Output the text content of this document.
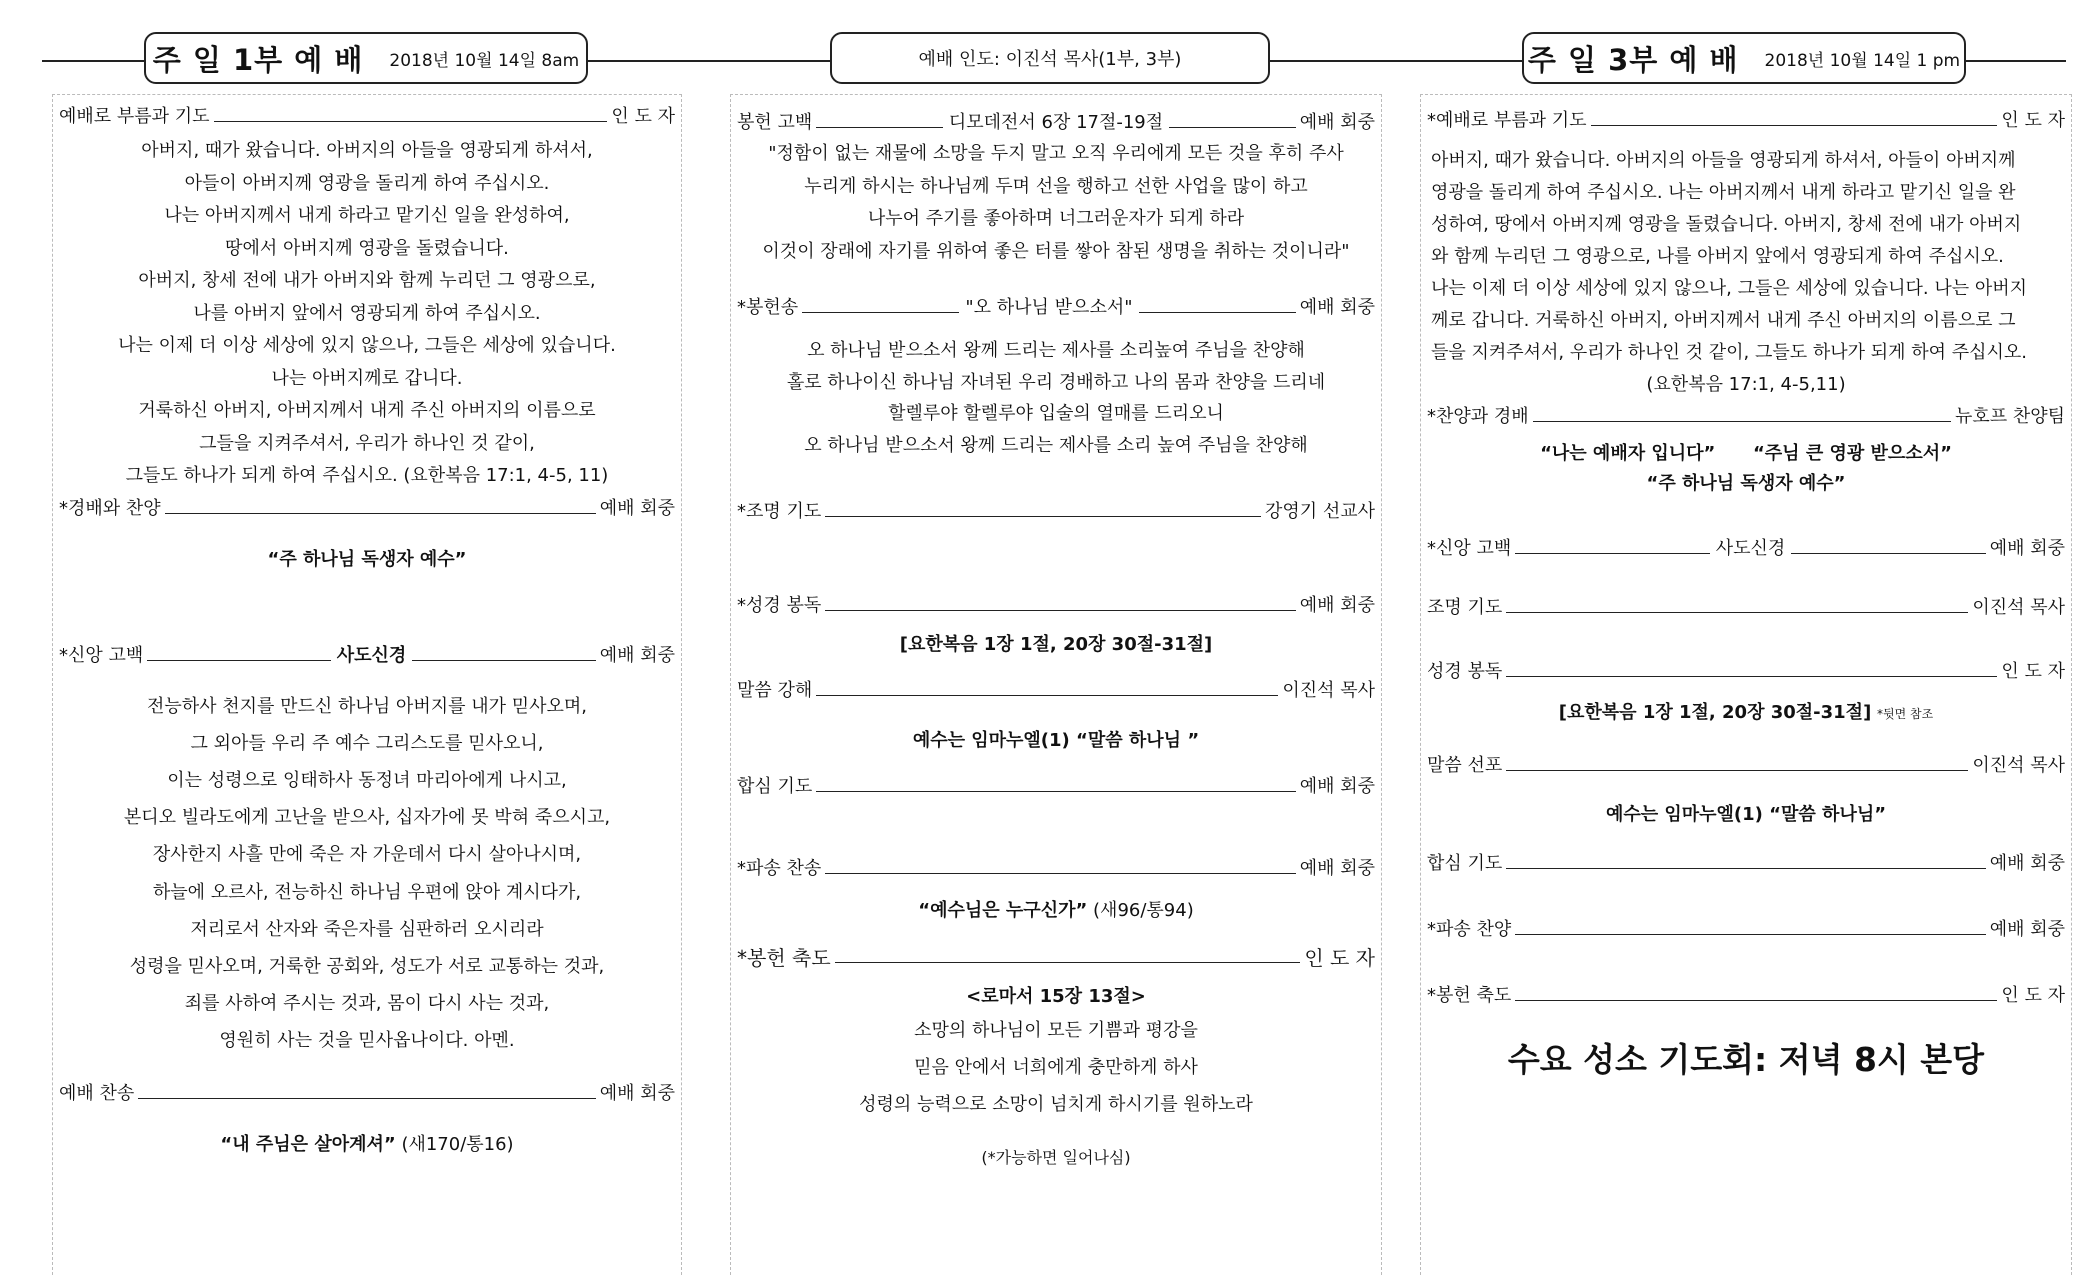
주 일 1부 예 배 2018년 10월 14일 8am	예배 인도: 이진석 목사(1부, 3부)	주 일 3부 예 배 2018년 10월 14일 1 pm
예배로 부름과 기도	인 도 자
아버지, 때가 왔습니다. 아버지의 아들을 영광되게 하셔서,
아들이 아버지께 영광을 돌리게 하여 주십시오.
나는 아버지께서 내게 하라고 맡기신 일을 완성하여,
땅에서 아버지께 영광을 돌렸습니다.
아버지, 창세 전에 내가 아버지와 함께 누리던 그 영광으로,
나를 아버지 앞에서 영광되게 하여 주십시오.
나는 이제 더 이상 세상에 있지 않으나, 그들은 세상에 있습니다.
나는 아버지께로 갑니다.
거룩하신 아버지, 아버지께서 내게 주신 아버지의 이름으로
그들을 지켜주셔서, 우리가 하나인 것 같이,
그들도 하나가 되게 하여 주십시오. (요한복음 17:1, 4-5, 11)
*경배와 찬양	예배 회중
“주 하나님 독생자 예수”
*신앙 고백	사도신경	예배 회중
전능하사 천지를 만드신 하나님 아버지를 내가 믿사오며,
그 외아들 우리 주 예수 그리스도를 믿사오니,
이는 성령으로 잉태하사 동정녀 마리아에게 나시고,
본디오 빌라도에게 고난을 받으사, 십자가에 못 박혀 죽으시고,
장사한지 사흘 만에 죽은 자 가운데서 다시 살아나시며,
하늘에 오르사, 전능하신 하나님 우편에 앉아 계시다가,
저리로서 산자와 죽은자를 심판하러 오시리라
성령을 믿사오며, 거룩한 공회와, 성도가 서로 교통하는 것과,
죄를 사하여 주시는 것과, 몸이 다시 사는 것과,
영원히 사는 것을 믿사옵나이다. 아멘.
예배 찬송	예배 회중
“내 주님은 살아계셔” (새170/통16)
봉헌 고백	디모데전서 6장 17절-19절	예배 회중
"정함이 없는 재물에 소망을 두지 말고 오직 우리에게 모든 것을 후히 주사
누리게 하시는 하나님께 두며 선을 행하고 선한 사업을 많이 하고
나누어 주기를 좋아하며 너그러운자가 되게 하라
이것이 장래에 자기를 위하여 좋은 터를 쌓아 참된 생명을 취하는 것이니라"
*봉헌송	"오 하나님 받으소서"	예배 회중
오 하나님 받으소서 왕께 드리는 제사를 소리높여 주님을 찬양해
홀로 하나이신 하나님 자녀된 우리 경배하고 나의 몸과 찬양을 드리네
할렐루야 할렐루야 입술의 열매를 드리오니
오 하나님 받으소서 왕께 드리는 제사를 소리 높여 주님을 찬양해
*조명 기도	강영기 선교사
*성경 봉독	예배 회중
[요한복음 1장 1절, 20장 30절-31절]
말씀 강해	이진석 목사
예수는 임마누엘(1) “말씀 하나님 ”
합심 기도	예배 회중
*파송 찬송	예배 회중
“예수님은 누구신가” (새96/통94)
*봉헌 축도	인 도 자
<로마서 15장 13절>
소망의 하나님이 모든 기쁨과 평강을
믿음 안에서 너희에게 충만하게 하사
성령의 능력으로 소망이 넘치게 하시기를 원하노라
(*가능하면 일어나심)
*예배로 부름과 기도	인 도 자
아버지, 때가 왔습니다. 아버지의 아들을 영광되게 하셔서, 아들이 아버지께
영광을 돌리게 하여 주십시오. 나는 아버지께서 내게 하라고 맡기신 일을 완
성하여, 땅에서 아버지께 영광을 돌렸습니다. 아버지, 창세 전에 내가 아버지
와 함께 누리던 그 영광으로, 나를 아버지 앞에서 영광되게 하여 주십시오.
나는 이제 더 이상 세상에 있지 않으나, 그들은 세상에 있습니다. 나는 아버지
께로 갑니다. 거룩하신 아버지, 아버지께서 내게 주신 아버지의 이름으로 그
들을 지켜주셔서, 우리가 하나인 것 같이, 그들도 하나가 되게 하여 주십시오.
(요한복음 17:1, 4-5,11)
*찬양과 경배	뉴호프 찬양팀
“나는 예배자 입니다” “주님 큰 영광 받으소서”
“주 하나님 독생자 예수”
*신앙 고백	사도신경	예배 회중
조명 기도	이진석 목사
성경 봉독	인 도 자
[요한복음 1장 1절, 20장 30절-31절] *뒷면 참조
말씀 선포	이진석 목사
예수는 임마누엘(1) “말씀 하나님”
합심 기도	예배 회중
*파송 찬양	예배 회중
*봉헌 축도	인 도 자
수요 성소 기도회: 저녁 8시 본당
